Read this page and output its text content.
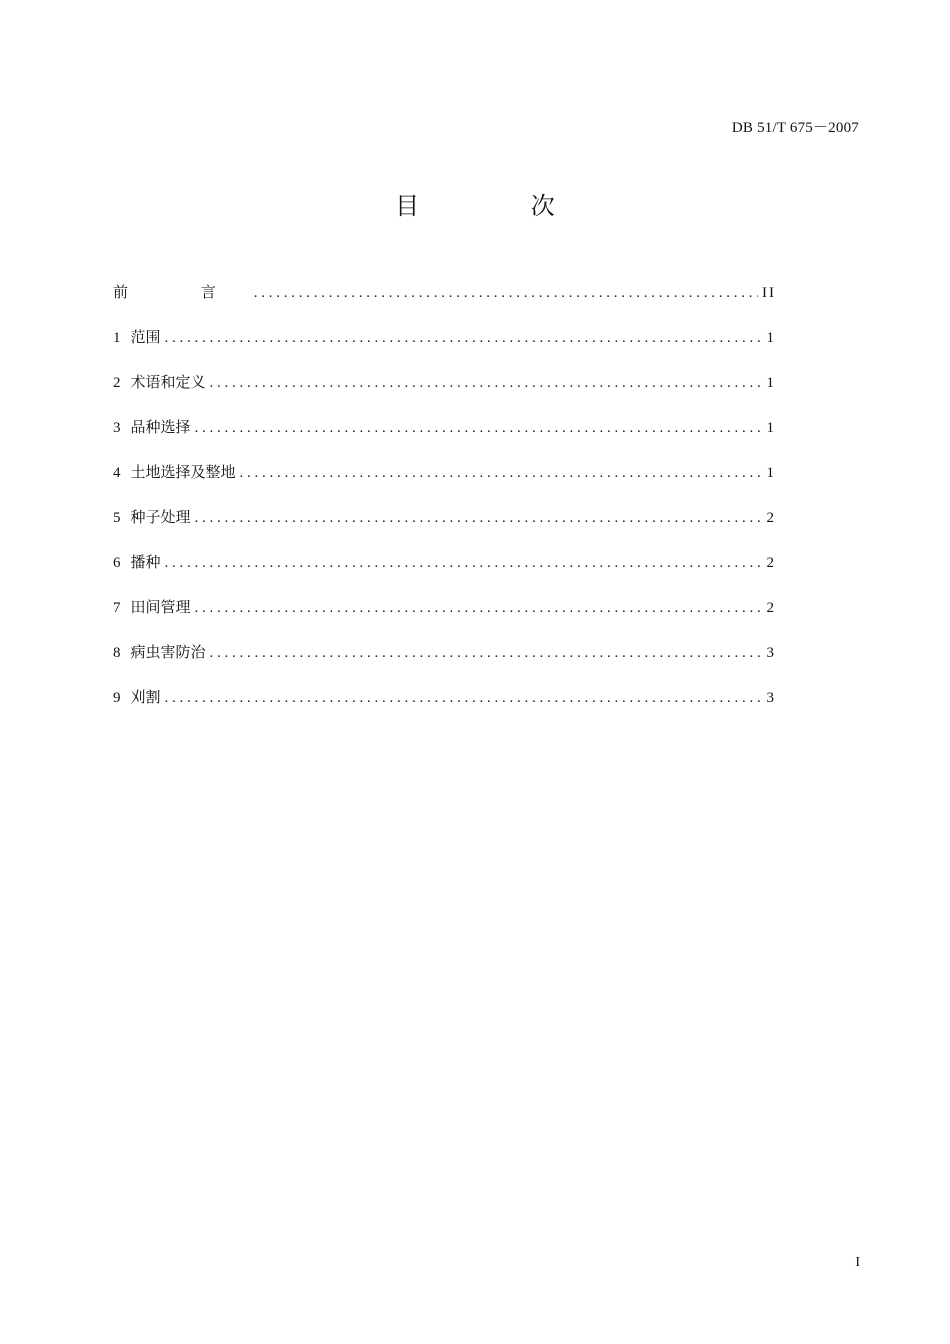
DB 51/T 675－2007
目 次
前 言 . . .	II
1 范围 . . .	1
2 术语和定义 . . .	1
3 品种选择 . . .	1
4 土地选择及整地 . . .	1
5 种子处理 . . .	2
6 播种 . . .	2
7 田间管理 . . .	2
8 病虫害防治 . . .	3
9 刈割 . . .	3
I
